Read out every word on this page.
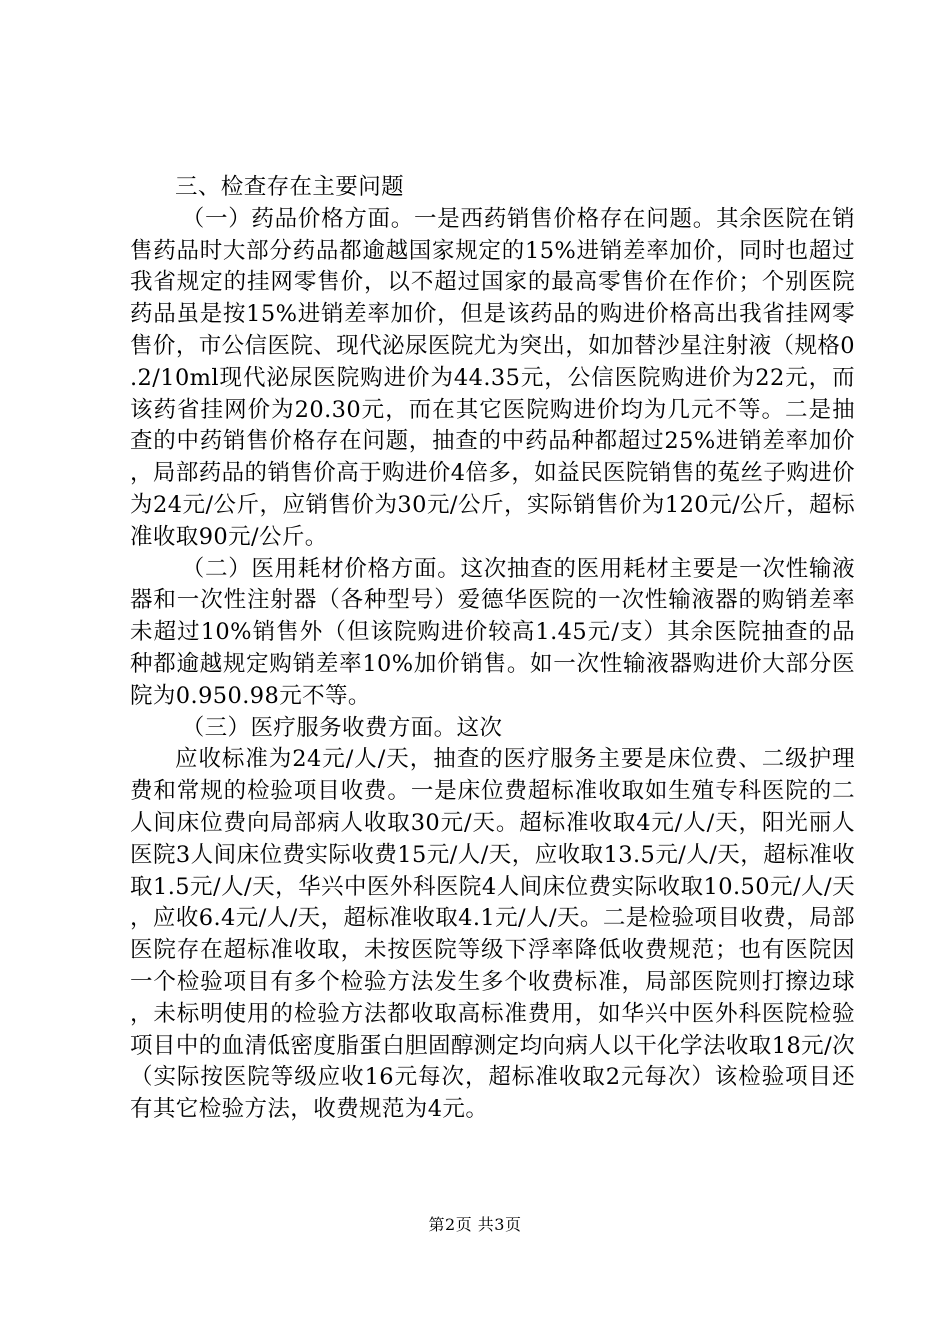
三、检查存在主要问题

（一）药品价格方面。一是西药销售价格存在问题。其余医院在销售药品时大部分药品都逾越国家规定的15%进销差率加价，同时也超过我省规定的挂网零售价，以不超过国家的最高零售价在作价；个别医院药品虽是按15%进销差率加价，但是该药品的购进价格高出我省挂网零售价，市公信医院、现代泌尿医院尤为突出，如加替沙星注射液（规格0.2/10ml现代泌尿医院购进价为44.35元，公信医院购进价为22元，而该药省挂网价为20.30元，而在其它医院购进价均为几元不等。二是抽查的中药销售价格存在问题，抽查的中药品种都超过25%进销差率加价，局部药品的销售价高于购进价4倍多，如益民医院销售的菟丝子购进价为24元/公斤，应销售价为30元/公斤，实际销售价为120元/公斤，超标准收取90元/公斤。

（二）医用耗材价格方面。这次抽查的医用耗材主要是一次性输液器和一次性注射器（各种型号）爱德华医院的一次性输液器的购销差率未超过10%销售外（但该院购进价较高1.45元/支）其余医院抽查的品种都逾越规定购销差率10%加价销售。如一次性输液器购进价大部分医院为0.950.98元不等。

（三）医疗服务收费方面。这次

应收标准为24元/人/天，抽查的医疗服务主要是床位费、二级护理费和常规的检验项目收费。一是床位费超标准收取如生殖专科医院的二人间床位费向局部病人收取30元/天。超标准收取4元/人/天，阳光丽人医院3人间床位费实际收费15元/人/天，应收取13.5元/人/天，超标准收取1.5元/人/天，华兴中医外科医院4人间床位费实际收取10.50元/人/天，应收6.4元/人/天，超标准收取4.1元/人/天。二是检验项目收费，局部医院存在超标准收取，未按医院等级下浮率降低收费规范；也有医院因一个检验项目有多个检验方法发生多个收费标准，局部医院则打擦边球，未标明使用的检验方法都收取高标准费用，如华兴中医外科医院检验项目中的血清低密度脂蛋白胆固醇测定均向病人以干化学法收取18元/次（实际按医院等级应收16元每次，超标准收取2元每次）该检验项目还有其它检验方法，收费规范为4元。

第2页 共3页
